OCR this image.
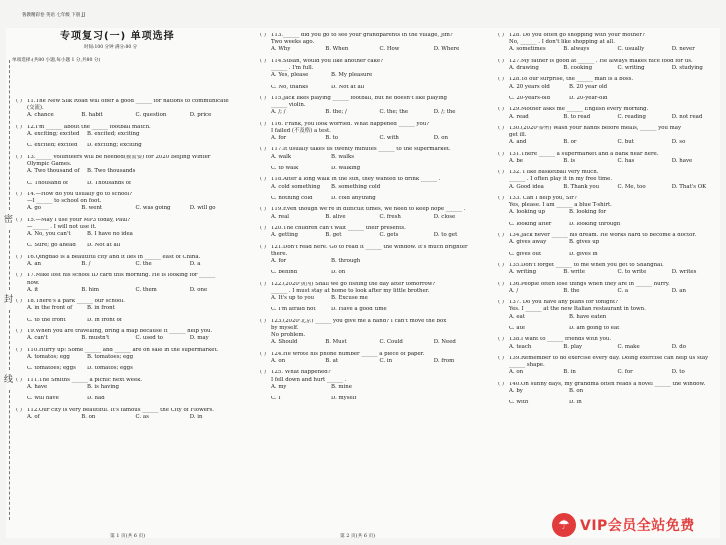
鲁教精彩卷 英语 七年级 下册 JJ
专项复习(一) 单项选择
时间:100 分钟 满分:80 分
单项选择:(共80 小题,每小题 1 分,共80 分)
密
封
线
( ) 11.The New Silk Road will offer a good ______ for nations to communicate
(交流).
A. chance	B. habit	C. question	D. price
( ) 12.I'm ______ about the ______ football match.
A. exciting; excited	B. excited; exciting
C. excited; excited	D. exciting; exciting
( ) 13.______ volunteers will be needed(被需要) for 2020 Beijing Winter
Olympic Games.
A. Two thousand of	B. Two thousands
C. Thousand of	D. Thousands of
( ) 14.—How do you usually go to school?
—I ______ to school on foot.
A. go	B. went	C. was going	D. will go
( ) 15.—May I use your MP3 today, Paul?
—______ . I will not use it.
A. No, you can't	B. I have no idea
C. Sure; go ahead	D. Not at all
( ) 16.Qingdao is a beautiful city and it lies in ______ east of China.
A. an	B. /	C. the	D. a
( ) 17.Mike lost his school ID card this morning. He is looking for ______
now.
A. it	B. him	C. them	D. one
( ) 18.There's a park ______ our school.
A. in the front of	B. in front
C. to the front	D. in front of
( ) 19.When you are travelling, bring a map because it ______ help you.
A. can't	B. mustn't	C. used to	D. may
( ) 110.Hurry up! Some ______ and ______ are on sale in the supermarket.
A. tomatos; egg	B. tomatoes; egg
C. tomatoes; eggs	D. tomatos; eggs
( ) 111.The Smiths ______ a picnic next week.
A. have	B. is having
C. will have	D. had
( ) 112.Our city is very beautiful. It's famous ______ the City of Flowers.
A. of	B. on	C. as	D. in
( ) 113.______ did you go to see your grandparents in the village, Jim?
Two weeks ago.
A. Why	B. When	C. How	D. Where
( ) 114.Susan, would you like another cake?
______ . I'm full.
A. Yes, please	B. My pleasure
C. No, thanks	D. Not at all
( ) 115.Jack likes playing ______ football, but he doesn't like playing
______ violin.
A. /; /	B. the; /	C. the; the	D. /; the
( ) 116. Frank, you look worried. What happened ______ you?
I failed (不及格) a test.
A. for	B. to	C. with	D. on
( ) 117.It usually takes us twenty minutes ______ to the supermarket.
A. walk	B. walks
C. to walk	D. walking
( ) 118.After a long walk in the sun, they wanted to drink ______ .
A. cold something	B. something cold
C. nothing cold	D. cold anything
( ) 119.Even though we're in difficult times, we need to keep hope ______ .
A. real	B. alive	C. fresh	D. close
( ) 120.The children can't wait ______ their presents.
A. getting	B. get	C. gets	D. to get
( ) 121.Don't read here. Go to read it ______ the window. It's much brighter
there.
A. for	B. through
C. behind	D. on
( ) 122.(2020·黄冈) Shall we go fishing the day after tomorrow?
______ . I must stay at home to look after my little brother.
A. It's up to you	B. Excuse me
C. I'm afraid not	D. Have a good time
( ) 123.(2020·北京) ______ you give me a hand? I can't move the box
by myself.
No problem.
A. Should	B. Must	C. Could	D. Need
( ) 124.He wrote his phone number ______ a piece of paper.
A. on	B. at	C. in	D. from
( ) 125. What happened?
I fell down and hurt ______ .
A. my	B. mine
C. I	D. myself
( ) 128. Do you often go shopping with your mother?
No, ______ . I don't like shopping at all.
A. sometimes	B. always	C. usually	D. never
( ) 127.My father is good at ______ . He always makes nice food for us.
A. drawing	B. cooking	C. writing	D. studying
( ) 128.To our surprise, the ______ man is a boss.
A. 20 years old	B. 20 year old
C. 20-years-old	D. 20-year-old
( ) 129.Mother asks me ______ English every morning.
A. read	B. to read	C. reading	D. not read
( ) 130.(2020·泰州) Wash your hands before meals, ______ you may
get ill.
A. and	B. or	C. but	D. so
( ) 131.There ______ a supermarket and a bank near here.
A. be	B. is	C. has	D. have
( ) 132. I like basketball very much.
______ . I often play it in my free time.
A. Good idea	B. Thank you	C. Me, too	D. That's OK
( ) 133. Can I help you, Sir?
Yes, please. I am ______ a blue T-shirt.
A. looking up	B. looking for
C. looking after	D. looking through
( ) 134.Jack never ______ his dream. He works hard to become a doctor.
A. gives away	B. gives up
C. gives out	D. gives in
( ) 135.Don't forget ______ to me when you get to Shanghai.
A. writing	B. write	C. to write	D. writes
( ) 136.People often lose things when they are in ______ hurry.
A. /	B. the	C. a	D. an
( ) 137. Do you have any plans for tonight?
Yes. I ______ at the new Italian restaurant in town.
A. eat	B. have eaten
C. ate	D. am going to eat
( ) 138.I want to ______ friends with you.
A. teach	B. play	C. make	D. do
( ) 139.Remember to do exercise every day. Doing exercise can help us stay
______ shape.
A. on	B. in	C. for	D. to
( ) 140.On sunny days, my grandma often reads a novel ______ the window.
A. by	B. on
C. with	D. in
第 1 页(共 6 页)	第 2 页(共 6 页)
☂ VIP会员全站免费
